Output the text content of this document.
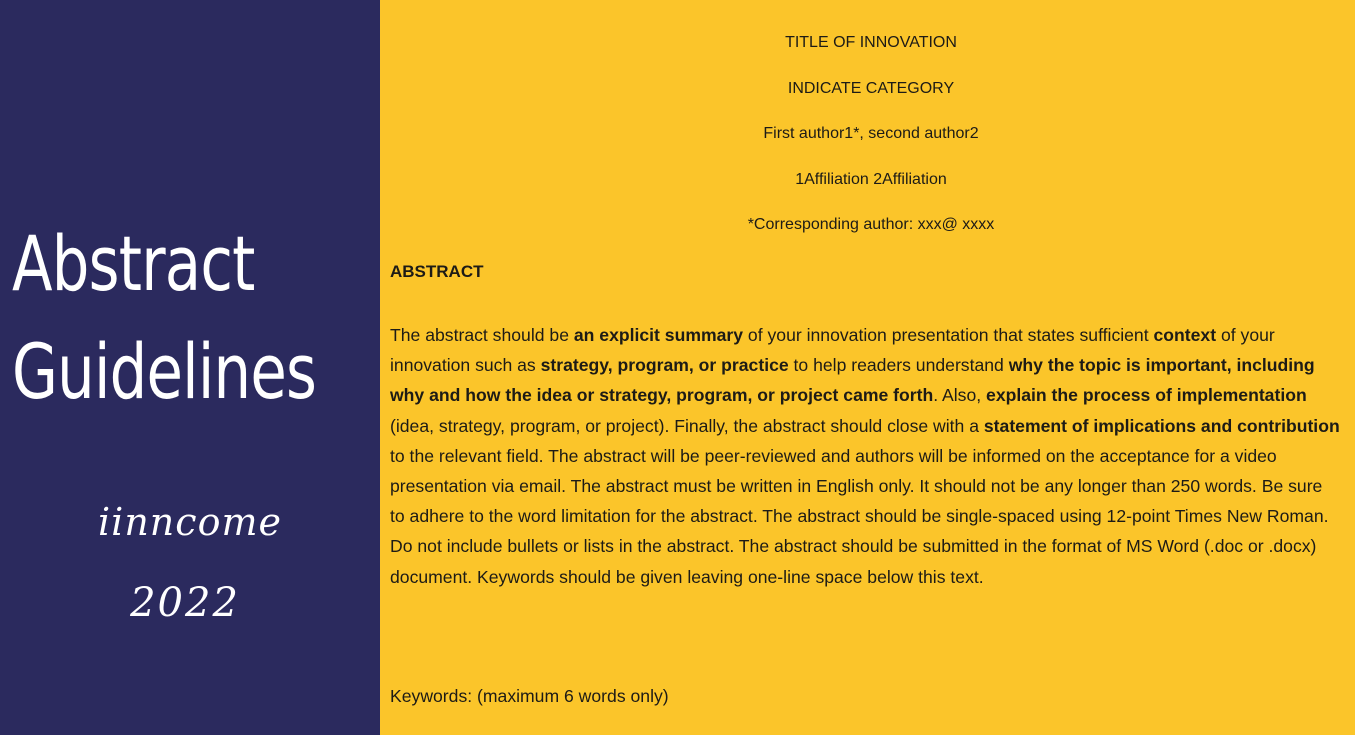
Abstract
Guidelines
iinncome
2022
TITLE OF INNOVATION
INDICATE CATEGORY
First author1*, second author2
1Affiliation 2Affiliation
*Corresponding author: xxx@ xxxx
ABSTRACT
The abstract should be an explicit summary of your innovation presentation that states sufficient context of your innovation such as strategy, program, or practice to help readers understand why the topic is important, including why and how the idea or strategy, program, or project came forth. Also, explain the process of implementation (idea, strategy, program, or project). Finally, the abstract should close with a statement of implications and contribution to the relevant field. The abstract will be peer-reviewed and authors will be informed on the acceptance for a video presentation via email. The abstract must be written in English only. It should not be any longer than 250 words. Be sure to adhere to the word limitation for the abstract. The abstract should be single-spaced using 12-point Times New Roman. Do not include bullets or lists in the abstract. The abstract should be submitted in the format of MS Word (.doc or .docx) document. Keywords should be given leaving one-line space below this text.
Keywords: (maximum 6 words only)
